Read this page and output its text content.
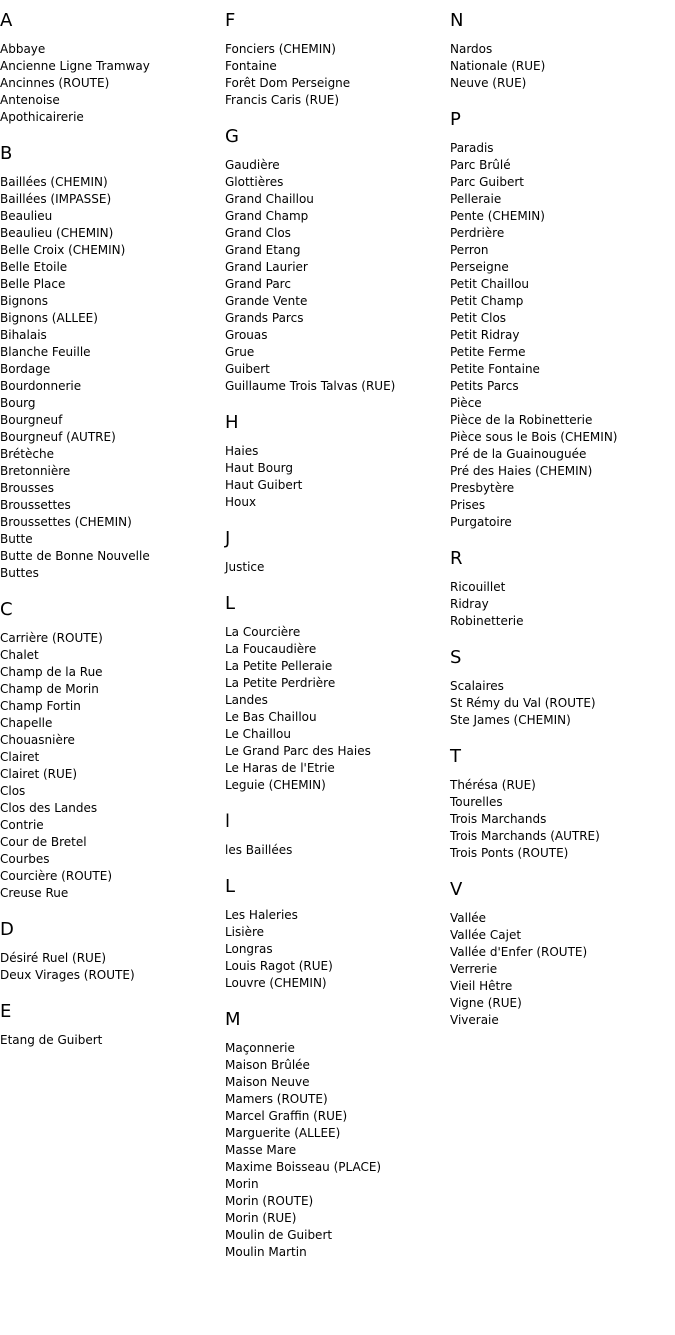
A
Abbaye
Ancienne Ligne Tramway
Ancinnes (ROUTE)
Antenoise
Apothicairerie
B
Baillées (CHEMIN)
Baillées (IMPASSE)
Beaulieu
Beaulieu (CHEMIN)
Belle Croix (CHEMIN)
Belle Etoile
Belle Place
Bignons
Bignons (ALLEE)
Bihalais
Blanche Feuille
Bordage
Bourdonnerie
Bourg
Bourgneuf
Bourgneuf (AUTRE)
Brétèche
Bretonnière
Brousses
Broussettes
Broussettes (CHEMIN)
Butte
Butte de Bonne Nouvelle
Buttes
C
Carrière (ROUTE)
Chalet
Champ de la Rue
Champ de Morin
Champ Fortin
Chapelle
Chouasnière
Clairet
Clairet (RUE)
Clos
Clos des Landes
Contrie
Cour de Bretel
Courbes
Courcière (ROUTE)
Creuse Rue
D
Désiré Ruel (RUE)
Deux Virages (ROUTE)
E
Etang de Guibert
F
Fonciers (CHEMIN)
Fontaine
Forêt Dom Perseigne
Francis Caris (RUE)
G
Gaudière
Glottières
Grand Chaillou
Grand Champ
Grand Clos
Grand Etang
Grand Laurier
Grand Parc
Grande Vente
Grands Parcs
Grouas
Grue
Guibert
Guillaume Trois Talvas (RUE)
H
Haies
Haut Bourg
Haut Guibert
Houx
J
Justice
L
La Courcière
La Foucaudière
La Petite Pelleraie
La Petite Perdrière
Landes
Le Bas Chaillou
Le Chaillou
Le Grand Parc des Haies
Le Haras de l'Etrie
Leguie (CHEMIN)
l
les Baillées
L
Les Haleries
Lisière
Longras
Louis Ragot (RUE)
Louvre (CHEMIN)
M
Maçonnerie
Maison Brûlée
Maison Neuve
Mamers (ROUTE)
Marcel Graffin (RUE)
Marguerite (ALLEE)
Masse Mare
Maxime Boisseau (PLACE)
Morin
Morin (ROUTE)
Morin (RUE)
Moulin de Guibert
Moulin Martin
N
Nardos
Nationale (RUE)
Neuve (RUE)
P
Paradis
Parc Brûlé
Parc Guibert
Pelleraie
Pente (CHEMIN)
Perdrière
Perron
Perseigne
Petit Chaillou
Petit Champ
Petit Clos
Petit Ridray
Petite Ferme
Petite Fontaine
Petits Parcs
Pièce
Pièce de la Robinetterie
Pièce sous le Bois (CHEMIN)
Pré de la Guainouguée
Pré des Haies (CHEMIN)
Presbytère
Prises
Purgatoire
R
Ricouillet
Ridray
Robinetterie
S
Scalaires
St Rémy du Val (ROUTE)
Ste James (CHEMIN)
T
Thérésa (RUE)
Tourelles
Trois Marchands
Trois Marchands (AUTRE)
Trois Ponts (ROUTE)
V
Vallée
Vallée Cajet
Vallée d'Enfer (ROUTE)
Verrerie
Vieil Hêtre
Vigne (RUE)
Viveraie
